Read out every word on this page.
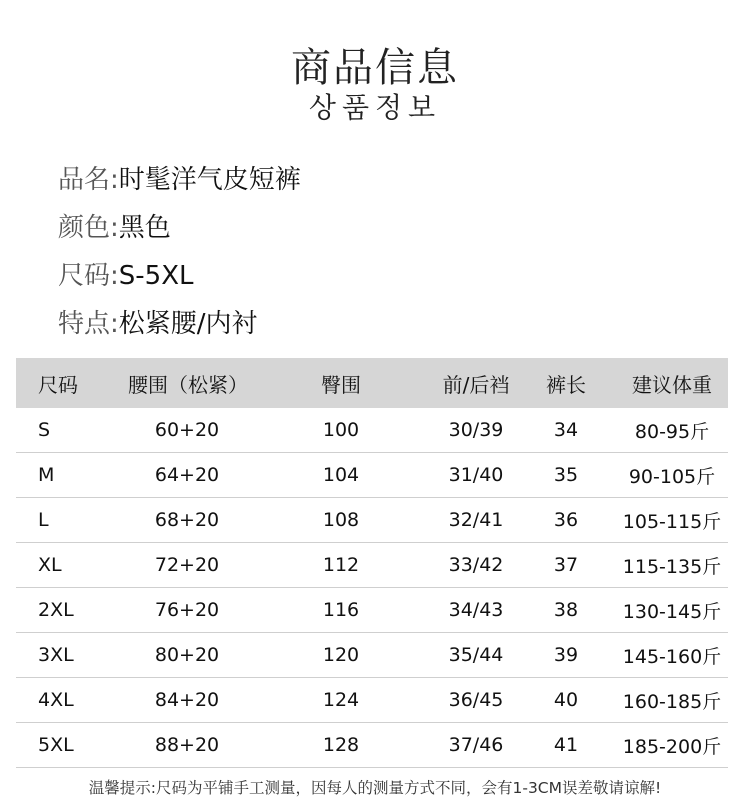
商品信息
상품정보
品名:时髦洋气皮短裤
颜色:黑色
尺码:S-5XL
特点:松紧腰/内衬
尺码	腰围（松紧）	臀围	前/后裆	裤长	建议体重
S	60+20	100	30/39	34	80-95斤
M	64+20	104	31/40	35	90-105斤
L	68+20	108	32/41	36	105-115斤
XL	72+20	112	33/42	37	115-135斤
2XL	76+20	116	34/43	38	130-145斤
3XL	80+20	120	35/44	39	145-160斤
4XL	84+20	124	36/45	40	160-185斤
5XL	88+20	128	37/46	41	185-200斤
温馨提示:尺码为平铺手工测量，因每人的测量方式不同，会有1-3CM误差敬请谅解!
